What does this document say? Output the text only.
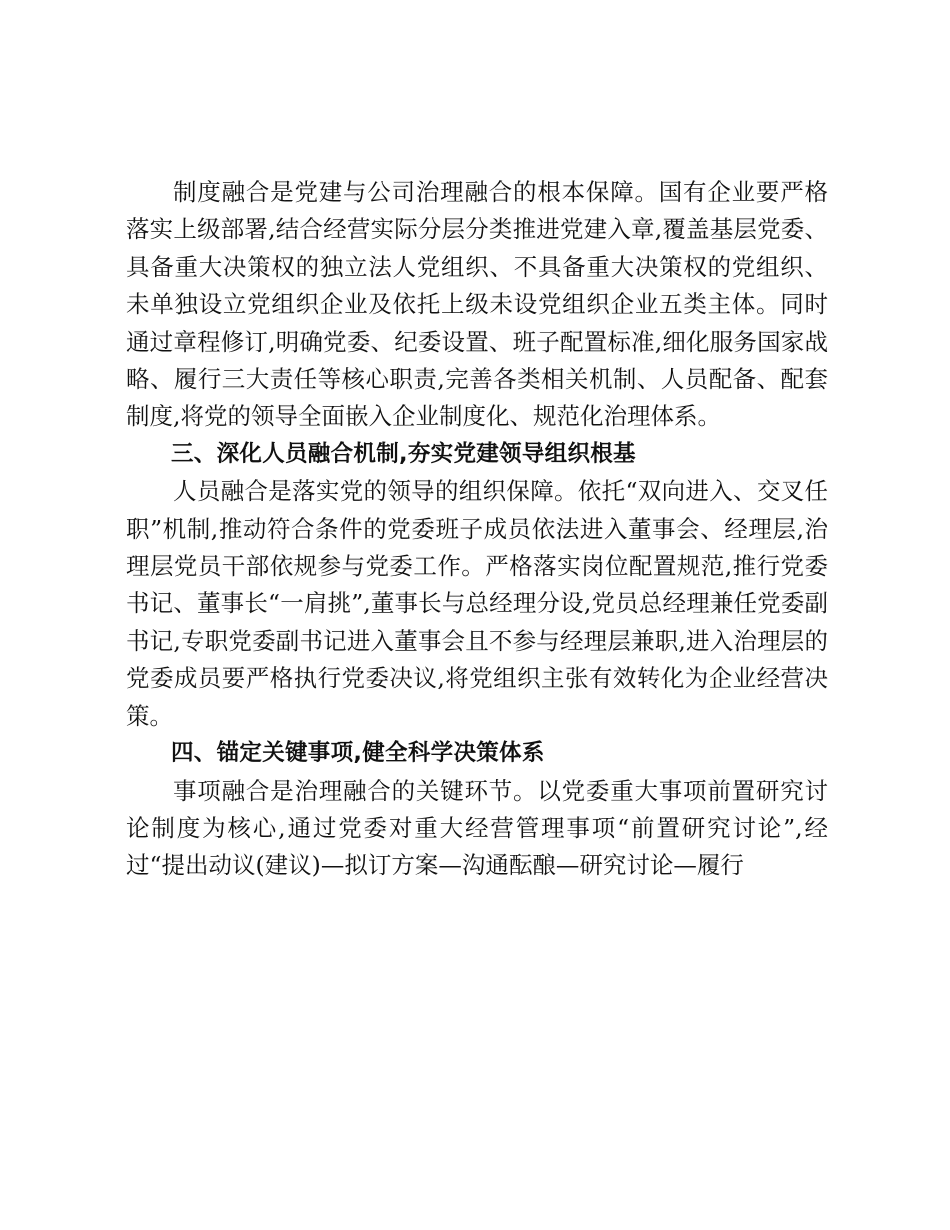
制度融合是党建与公司治理融合的根本保障。国有企业要严格落实上级部署,结合经营实际分层分类推进党建入章,覆盖基层党委、具备重大决策权的独立法人党组织、不具备重大决策权的党组织、未单独设立党组织企业及依托上级未设党组织企业五类主体。同时通过章程修订,明确党委、纪委设置、班子配置标准,细化服务国家战略、履行三大责任等核心职责,完善各类相关机制、人员配备、配套制度,将党的领导全面嵌入企业制度化、规范化治理体系。

三、深化人员融合机制,夯实党建领导组织根基

人员融合是落实党的领导的组织保障。依托“双向进入、交叉任职”机制,推动符合条件的党委班子成员依法进入董事会、经理层,治理层党员干部依规参与党委工作。严格落实岗位配置规范,推行党委书记、董事长“一肩挑”,董事长与总经理分设,党员总经理兼任党委副书记,专职党委副书记进入董事会且不参与经理层兼职,进入治理层的党委成员要严格执行党委决议,将党组织主张有效转化为企业经营决策。

四、锚定关键事项,健全科学决策体系

事项融合是治理融合的关键环节。以党委重大事项前置研究讨论制度为核心,通过党委对重大经营管理事项“前置研究讨论”,经过“提出动议(建议)—拟订方案—沟通酝酿—研究讨论—履行
